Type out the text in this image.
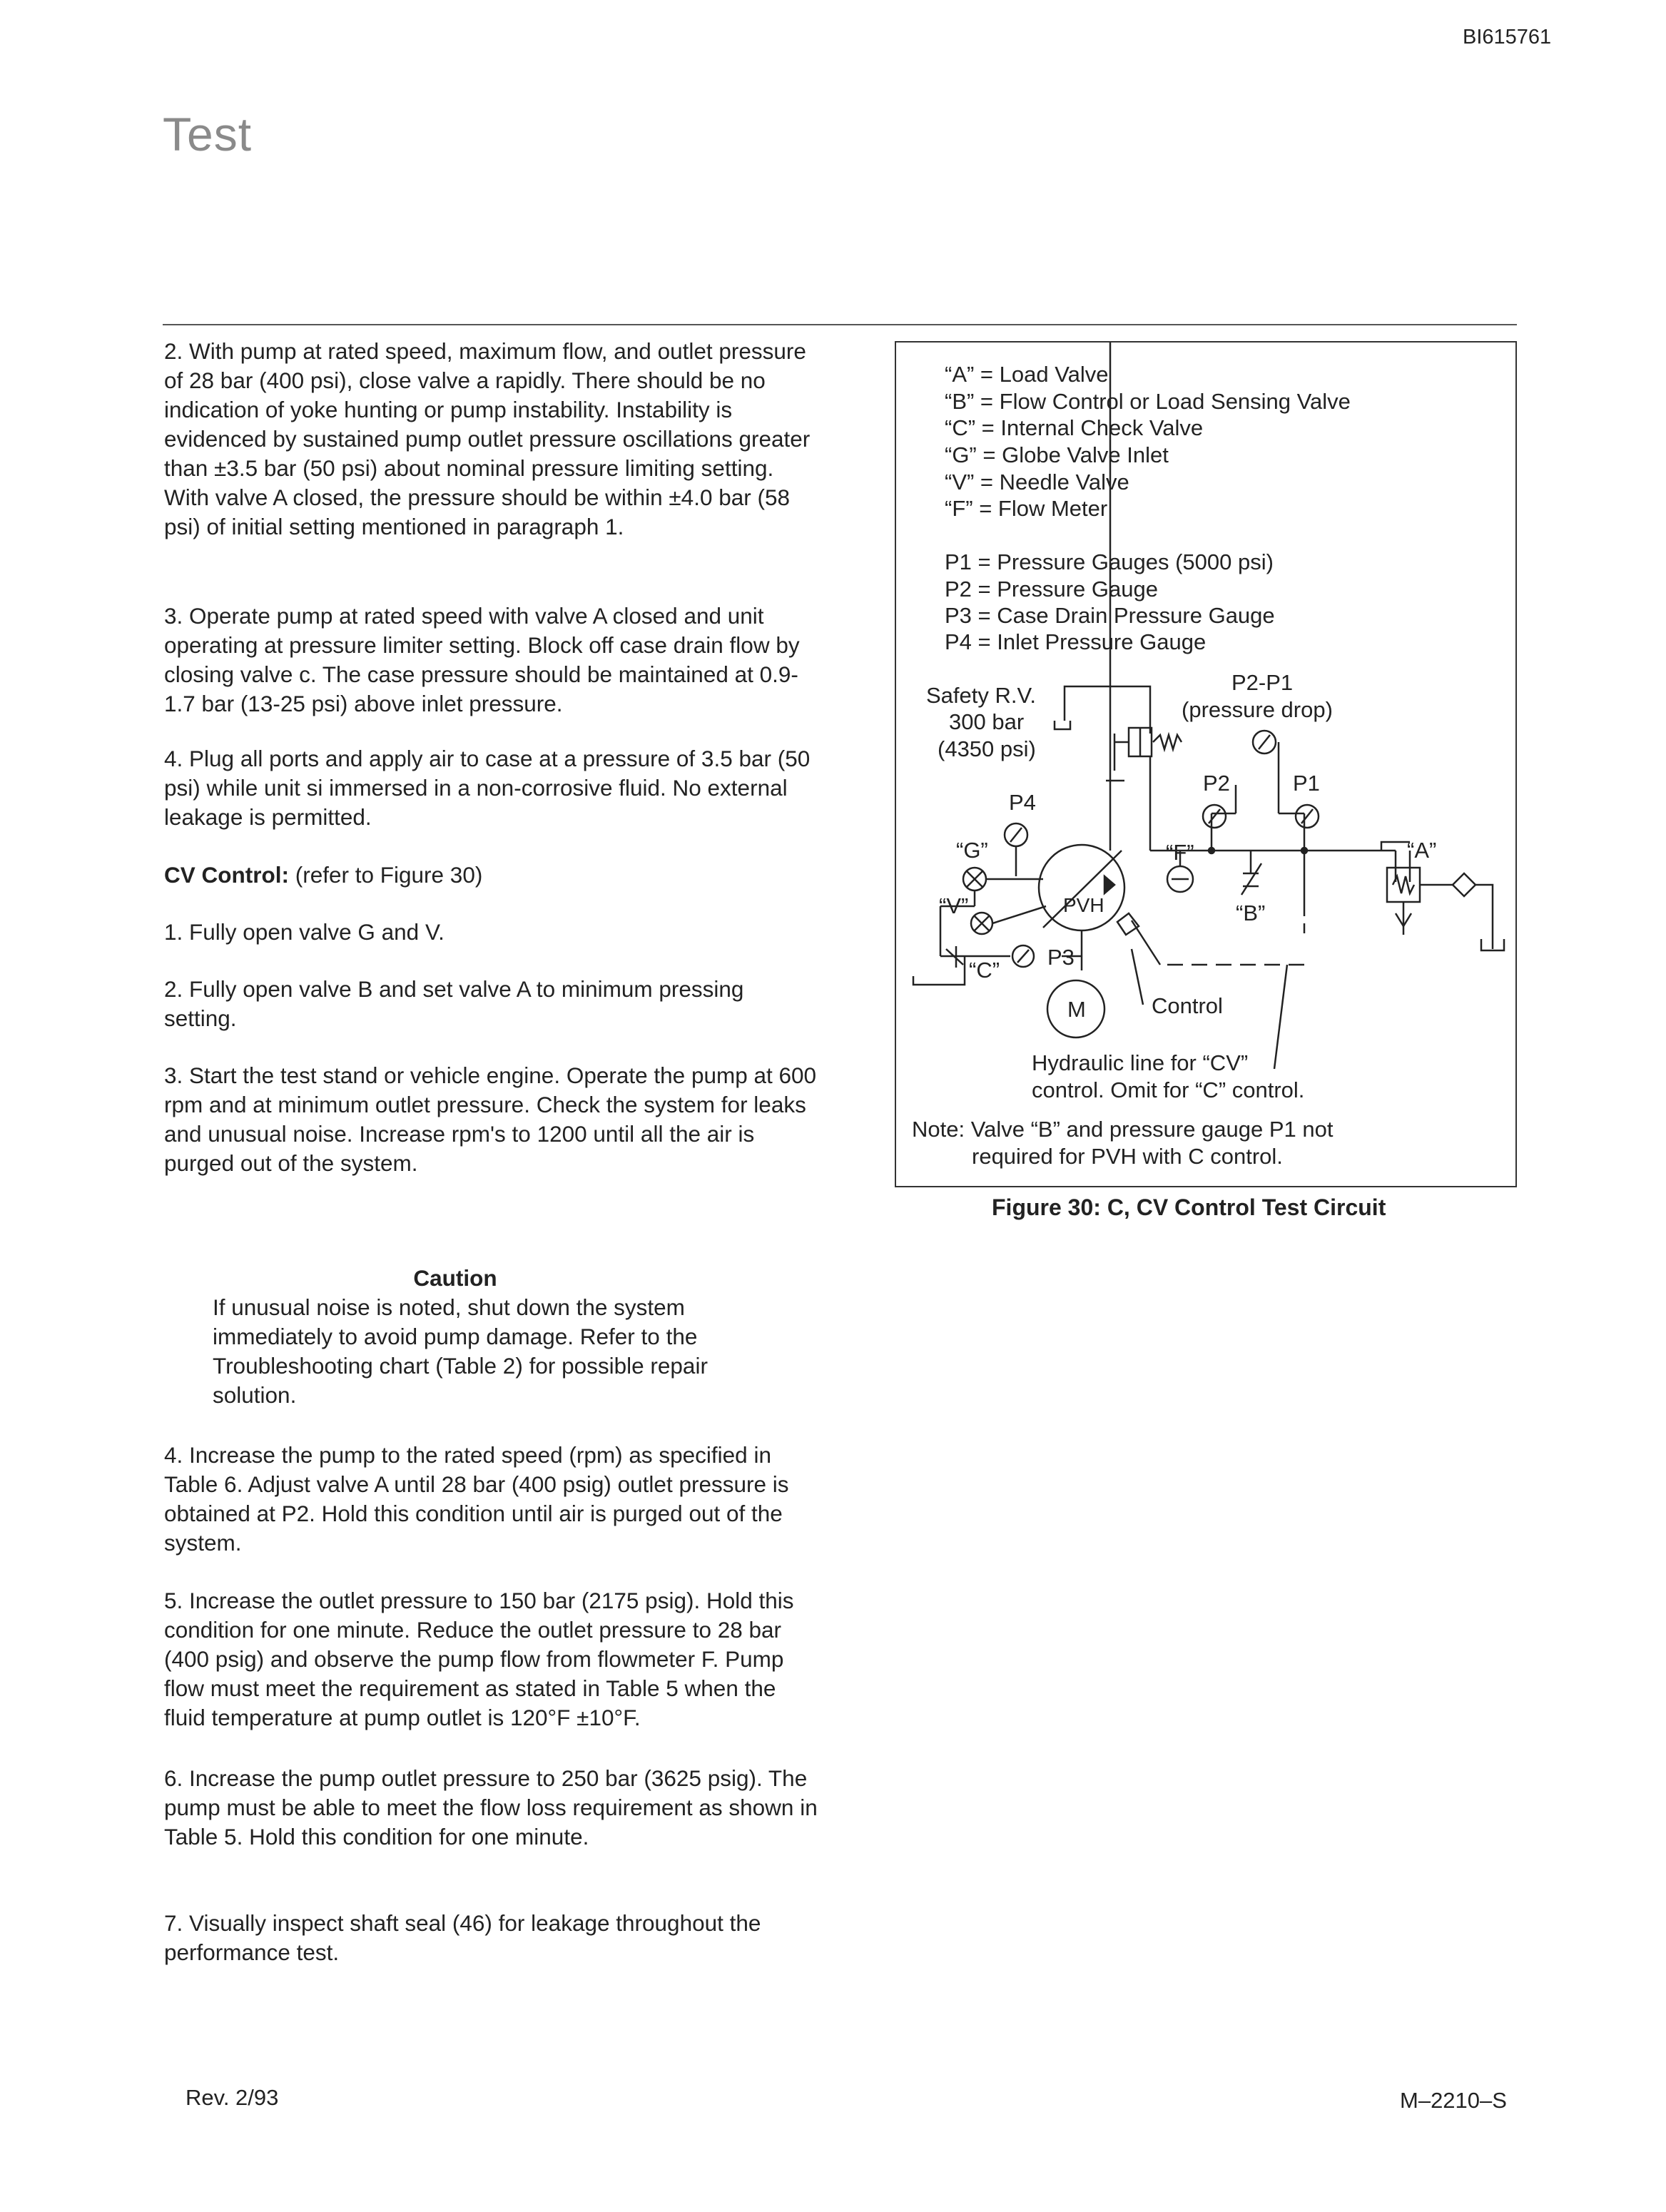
BI615761
Test

2. With pump at rated speed, maximum flow, and outlet pressure of 28 bar (400 psi), close valve a rapidly. There should be no indication of yoke hunting or pump instability. Instability is evidenced by sustained pump outlet pressure oscillations greater than ±3.5 bar (50 psi) about nominal pressure limiting setting. With valve A closed, the pressure should be within ±4.0 bar (58 psi) of initial setting mentioned in paragraph 1.

3. Operate pump at rated speed with valve A closed and unit operating at pressure limiter setting. Block off case drain flow by closing valve c. The case pressure should be maintained at 0.9-1.7 bar (13-25 psi) above inlet pressure.

4. Plug all ports and apply air to case at a pressure of 3.5 bar (50 psi) while unit si immersed in a non-corrosive fluid. No external leakage is permitted.

CV Control: (refer to Figure 30)

1. Fully open valve G and V.

2. Fully open valve B and set valve A to minimum pressing setting.

3. Start the test stand or vehicle engine. Operate the pump at 600 rpm and at minimum outlet pressure. Check the system for leaks and unusual noise. Increase rpm's to 1200 until all the air is purged out of the system.

Caution
If unusual noise is noted, shut down the system immediately to avoid pump damage. Refer to the Troubleshooting chart (Table 2) for possible repair solution.

4. Increase the pump to the rated speed (rpm) as specified in Table 6. Adjust valve A until 28 bar (400 psig) outlet pressure is obtained at P2. Hold this condition until air is purged out of the system.

5. Increase the outlet pressure to 150 bar (2175 psig). Hold this condition for one minute. Reduce the outlet pressure to 28 bar (400 psig) and observe the pump flow from flowmeter F. Pump flow must meet the requirement as stated in Table 5 when the fluid temperature at pump outlet is 120°F ±10°F.

6. Increase the pump outlet pressure to 250 bar (3625 psig). The pump must be able to meet the flow loss requirement as shown in Table 5. Hold this condition for one minute.

7. Visually inspect shaft seal (46) for leakage throughout the performance test.

“A” = Load Valve
“B” = Flow Control or Load Sensing Valve
“C” = Internal Check Valve
“G” = Globe Valve Inlet
“V” = Needle Valve
“F” = Flow Meter
P1 = Pressure Gauges (5000 psi)
P2 = Pressure Gauge
P3 = Case Drain Pressure Gauge
P4 = Inlet Pressure Gauge
Safety R.V.
300 bar
(4350 psi)
P2-P1
(pressure drop)
P2	P1
P4
P3
“G”
“V”
“C”
“F”
“B”
“A”
PVH
Control
Hydraulic line for “CV”
control. Omit for “C” control.
Note: Valve “B” and pressure gauge P1 not
required for PVH with C control.
M
Figure 30: C, CV Control Test Circuit
Rev. 2/93	M–2210–S
